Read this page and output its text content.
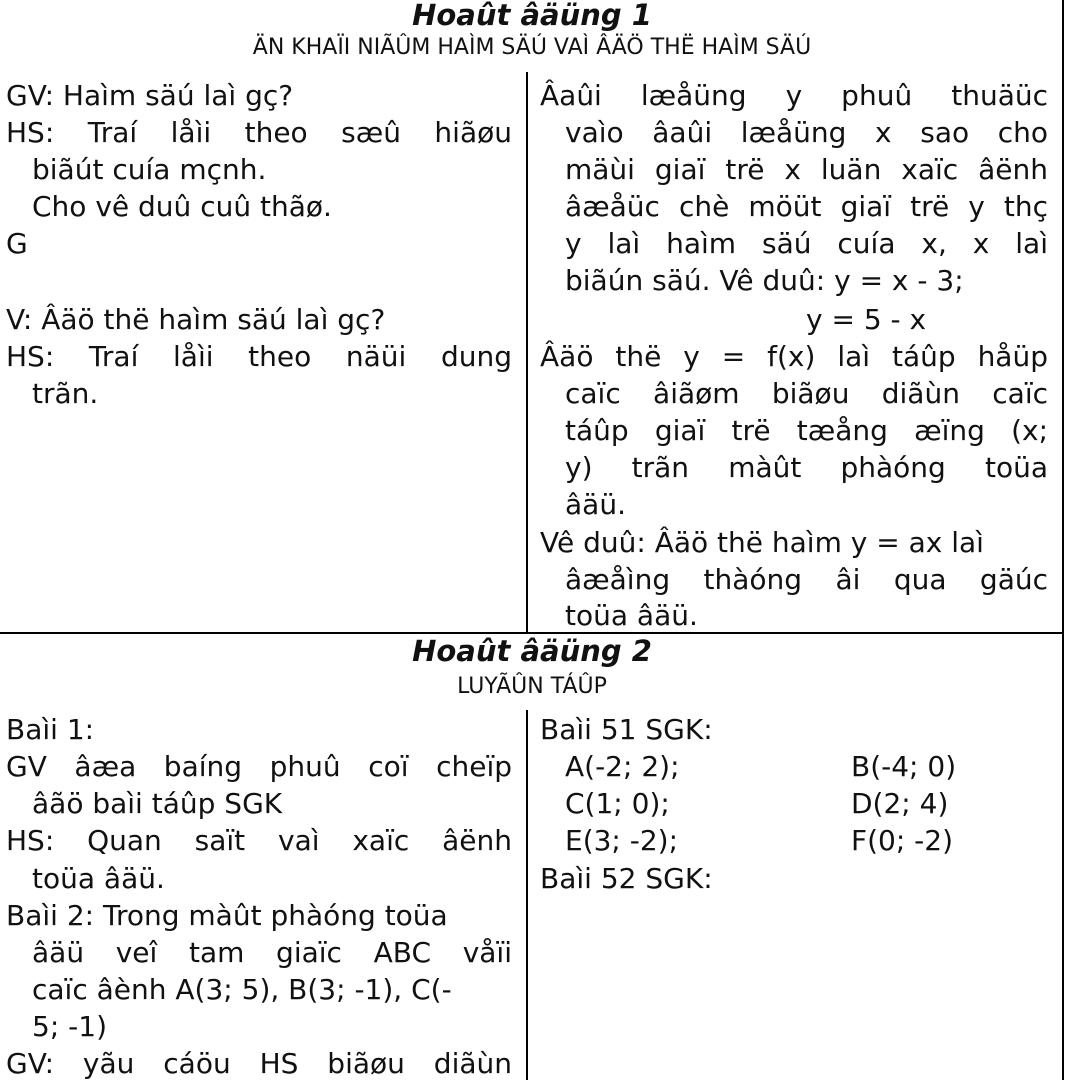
Hoaût âäüng 1
ÄN KHAÏI NIÃÛM HAÌM SÄÚ VAÌ ÂÄÖ THË HAÌM SÄÚ
GV: Haìm säú laì gç?
HS: Traí låìi theo sæû hiãøu
biãút cuía mçnh.
Cho vê duû cuû thãø.
G
V: Âäö thë haìm säú laì gç?
HS: Traí låìi theo näüi dung
trãn.
Âaûi læåüng y phuû thuäüc
vaìo âaûi læåüng x sao cho
mäùi giaï trë x luän xaïc âënh
âæåüc chè möüt giaï trë y thç
y laì haìm säú cuía x, x laì
biãún säú. Vê duû: y = x - 3;
y = 5 - x
Âäö thë y = f(x) laì táûp håüp
caïc âiãøm biãøu diãùn caïc
táûp giaï trë tæång æïng (x;
y) trãn màût phàóng toüa
âäü.
Vê duû: Âäö thë haìm y = ax laì
âæåìng thàóng âi qua gäúc
toüa âäü.
Hoaût âäüng 2
LUYÃÛN TÁÛP
Baìi 1:
GV âæa baíng phuû coï cheïp
âãö baìi táûp SGK
HS: Quan saït vaì xaïc âënh
toüa âäü.
Baìi 2: Trong màût phàóng toüa
âäü veî tam giaïc ABC våïi
caïc âènh A(3; 5), B(3; -1), C(-
5; -1)
GV: yãu cáöu HS biãøu diãùn
Baìi 51 SGK:
A(-2; 2);	B(-4; 0)
C(1; 0);	D(2; 4)
E(3; -2);	F(0; -2)
Baìi 52 SGK:
